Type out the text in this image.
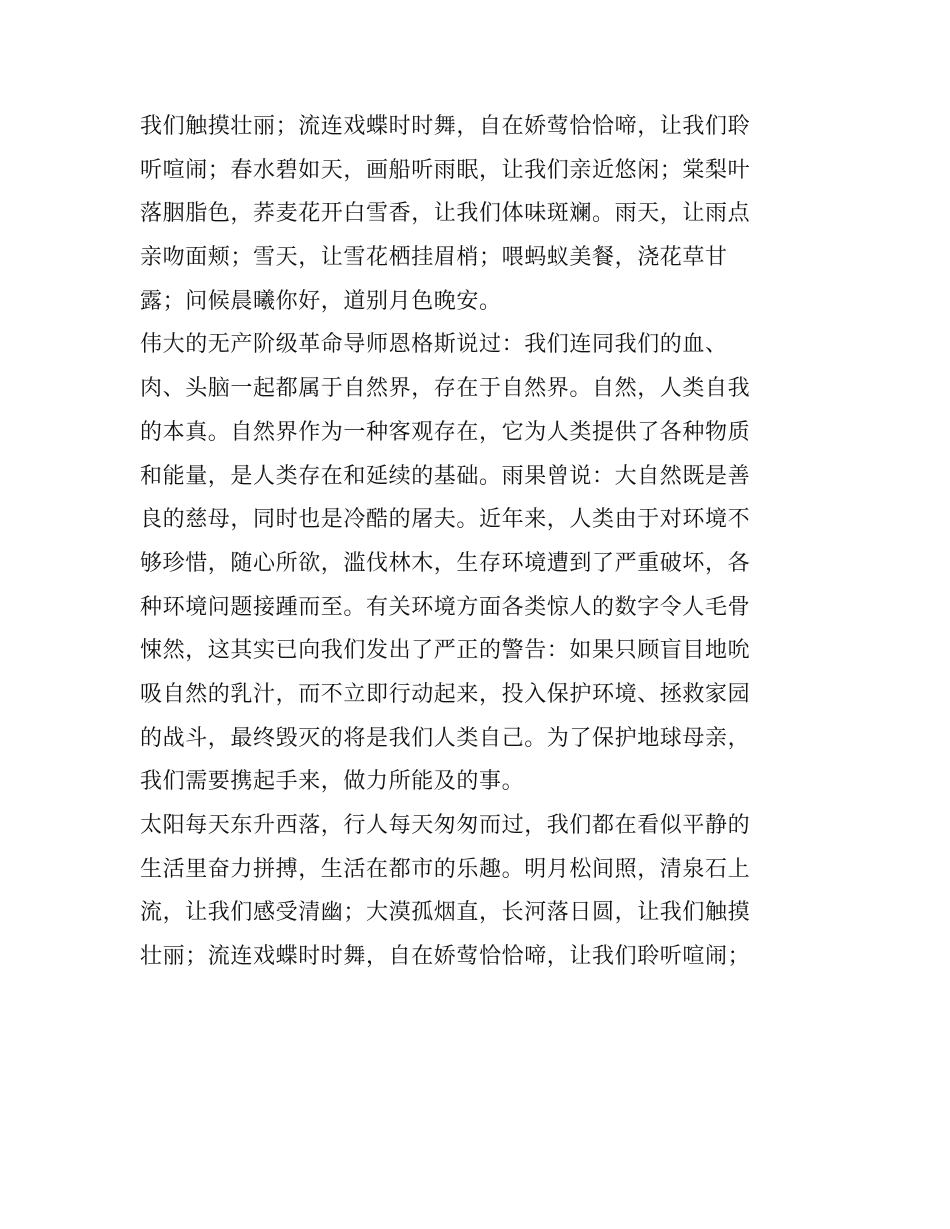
我们触摸壮丽；流连戏蝶时时舞，自在娇莺恰恰啼，让我们聆
听喧闹；春水碧如天，画船听雨眠，让我们亲近悠闲；棠梨叶
落胭脂色，荞麦花开白雪香，让我们体味斑斓。雨天，让雨点
亲吻面颊；雪天，让雪花栖挂眉梢；喂蚂蚁美餐，浇花草甘
露；问候晨曦你好，道别月色晚安。
伟大的无产阶级革命导师恩格斯说过：我们连同我们的血、
肉、头脑一起都属于自然界，存在于自然界。自然，人类自我
的本真。自然界作为一种客观存在，它为人类提供了各种物质
和能量，是人类存在和延续的基础。雨果曾说：大自然既是善
良的慈母，同时也是冷酷的屠夫。近年来，人类由于对环境不
够珍惜，随心所欲，滥伐林木，生存环境遭到了严重破坏，各
种环境问题接踵而至。有关环境方面各类惊人的数字令人毛骨
悚然，这其实已向我们发出了严正的警告：如果只顾盲目地吮
吸自然的乳汁，而不立即行动起来，投入保护环境、拯救家园
的战斗，最终毁灭的将是我们人类自己。为了保护地球母亲，
我们需要携起手来，做力所能及的事。
太阳每天东升西落，行人每天匆匆而过，我们都在看似平静的
生活里奋力拼搏，生活在都市的乐趣。明月松间照，清泉石上
流，让我们感受清幽；大漠孤烟直，长河落日圆，让我们触摸
壮丽；流连戏蝶时时舞，自在娇莺恰恰啼，让我们聆听喧闹；
